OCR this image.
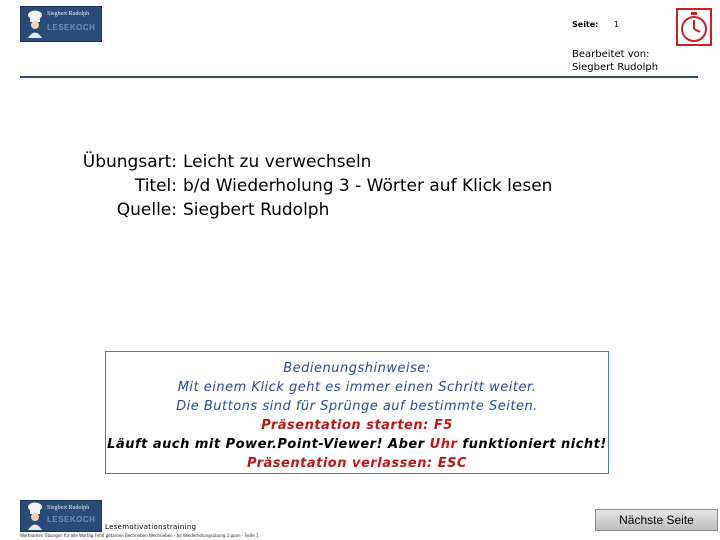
Siegbert Rudolph
LESEKOCH	Seite: 1
Bearbeitet von:
Siegbert Rudolph
Übungsart: Leicht zu verwechseln
Titel: b/d Wiederholung 3 - Wörter auf Klick lesen
Quelle: Siegbert Rudolph
Bedienungshinweise:
Mit einem Klick geht es immer einen Schritt weiter.
Die Buttons sind für Sprünge auf bestimmte Seiten.
Präsentation starten: F5
Läuft auch mit Power.Point-Viewer! Aber Uhr funktioniert nicht!
Präsentation verlassen: ESC
Siegbert Rudolph
LESEKOCH
Lesemotivationstraining
Wortnamen Übungen für alle Wortlig Fehlt getarnen Bechrieben Wechrieben - bd Wiederholungsübung 1 ppon - Seite 1
Nächste Seite
